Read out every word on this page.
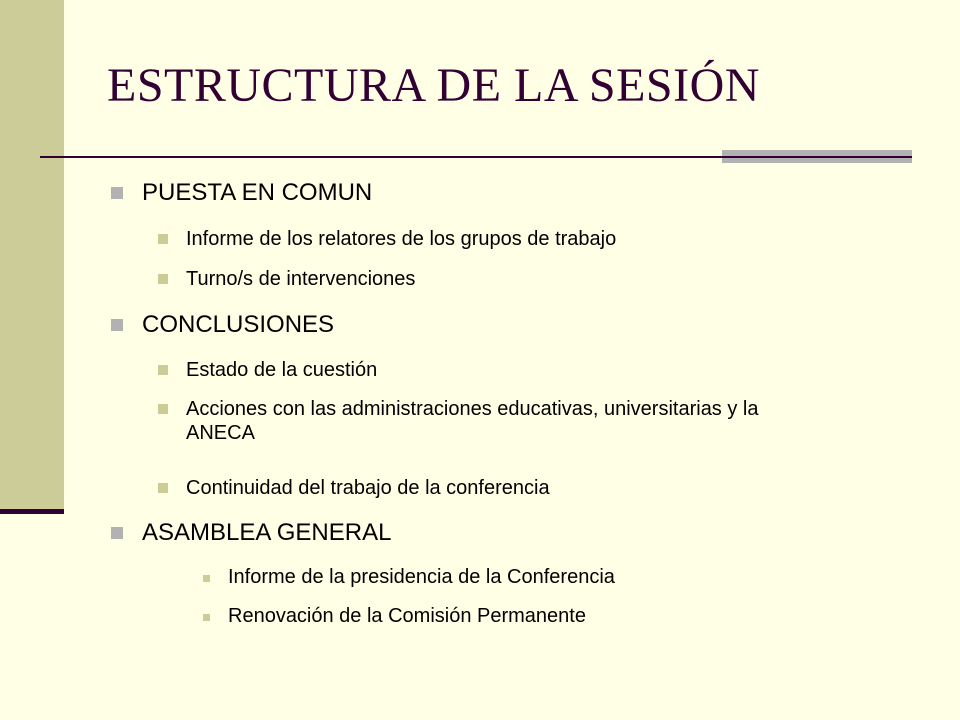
ESTRUCTURA DE LA SESIÓN
PUESTA EN COMUN
Informe de los relatores de los grupos de trabajo
Turno/s de intervenciones
CONCLUSIONES
Estado de la cuestión
Acciones con las administraciones educativas, universitarias y la ANECA
Continuidad del trabajo de la conferencia
ASAMBLEA GENERAL
Informe de la presidencia de la Conferencia
Renovación de la Comisión Permanente
